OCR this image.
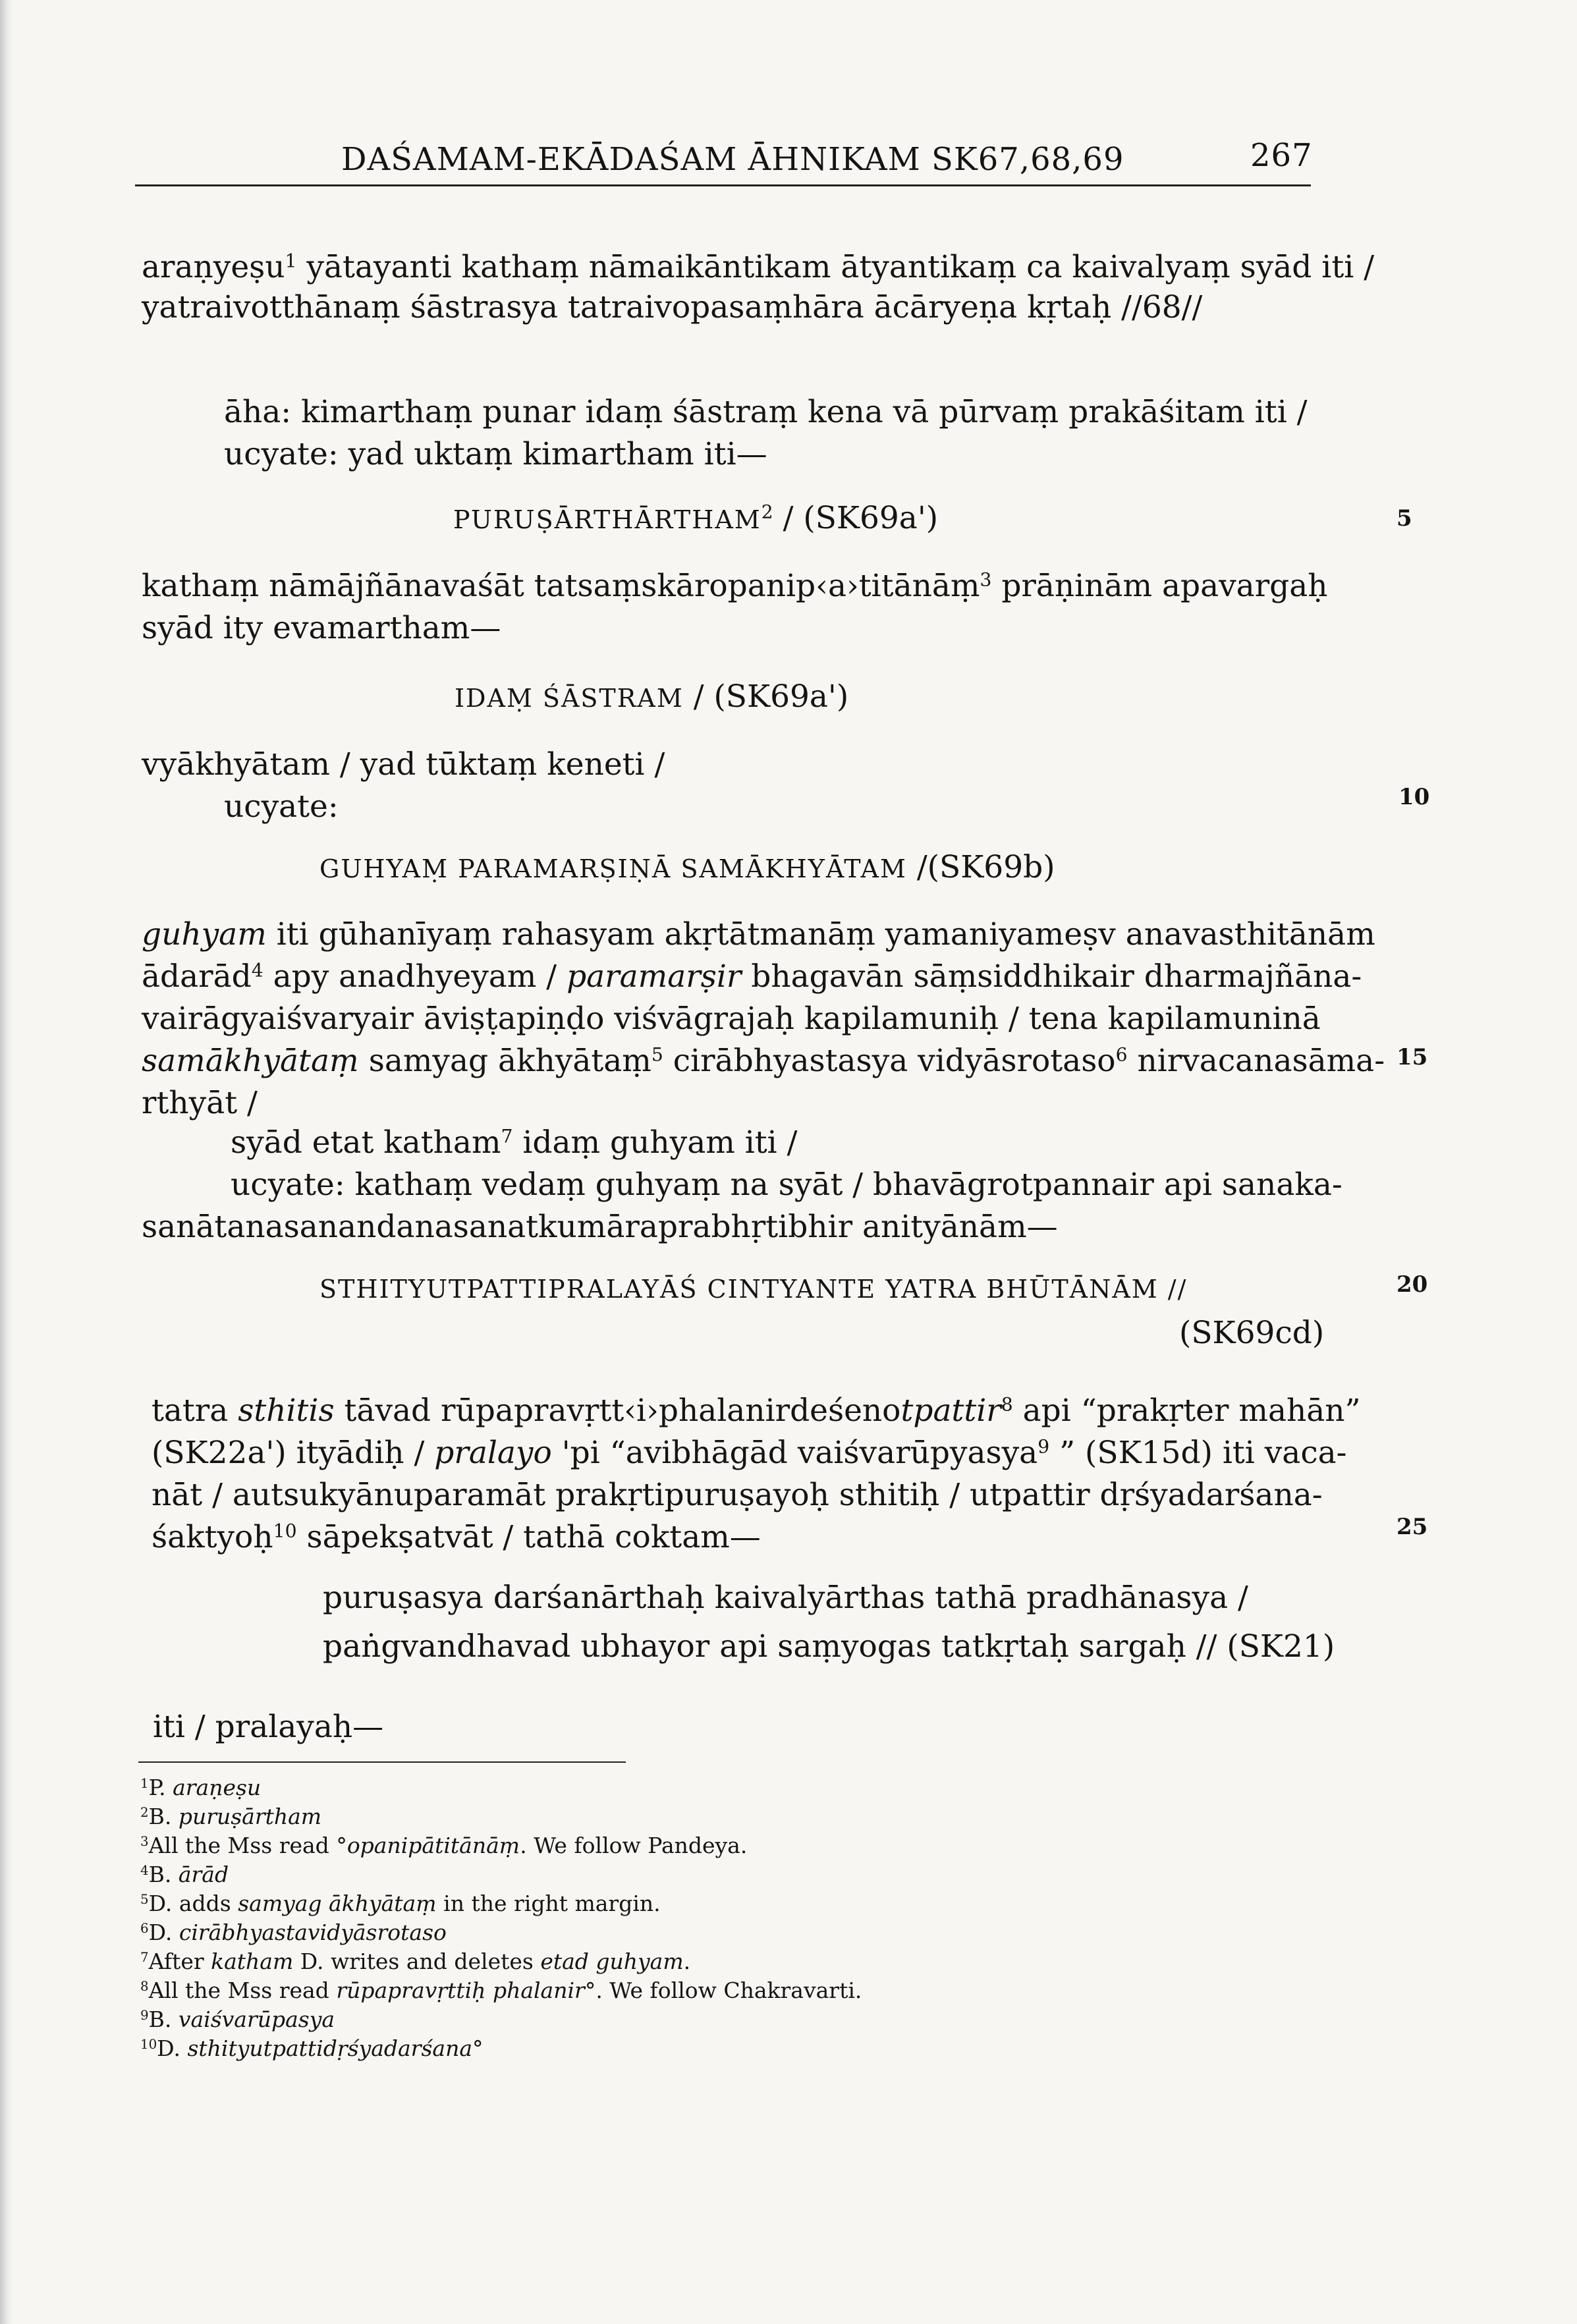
DAŚAMAM-EKĀDAŚAM ĀHNIKAM SK67,68,69	267
araṇyeṣu$^1$ yātayanti kathaṃ nāmaikāntikam ātyantikaṃ ca kaivalyaṃ syād iti /
yatraivotthānaṃ śāstrasya tatraivopasaṃhāra ācāryeṇa kṛtaḥ //68//
āha: kimarthaṃ punar idaṃ śāstraṃ kena vā pūrvaṃ prakāśitam iti /
ucyate: yad uktaṃ kimartham iti—
PURUṢĀRTHĀRTHAM$^2$ / (SK69a')	5
kathaṃ nāmājñānavaśāt tatsaṃskāropanip‹a›titānāṃ$^3$ prāṇinām apavargaḥ
syād ity evamartham—
IDAṂ ŚĀSTRAM / (SK69a')
vyākhyātam / yad tūktaṃ keneti /
ucyate:	10
GUHYAṂ PARAMARṢIṆĀ SAMĀKHYĀTAM /(SK69b)
guhyam iti gūhanīyaṃ rahasyam akṛtātmanāṃ yamaniyameṣv anavasthitānām
ādarād$^4$ apy anadhyeyam / paramarṣir bhagavān sāṃsiddhikair dharmajñāna-
vairāgyaiśvaryair āviṣṭapiṇḍo viśvāgrajaḥ kapilamuniḥ / tena kapilamuninā
samākhyātaṃ samyag ākhyātaṃ$^5$ cirābhyastasya vidyāsrotaso$^6$ nirvacanasāma- 15
rthyāt /
syād etat katham$^7$ idaṃ guhyam iti /
ucyate: kathaṃ vedaṃ guhyaṃ na syāt / bhavāgrotpannair api sanaka-
sanātanasanandanasanatkumāraprabhṛtibhir anityānām—
STHITYUTPATTIPRALAYĀŚ CINTYANTE YATRA BHŪTĀNĀM //	20
(SK69cd)
tatra sthitis tāvad rūpapravṛtt‹i›phalanirdeśenotpattir$^8$ api “prakṛter mahān”
(SK22a') ityādiḥ / pralayo 'pi “avibhāgād vaiśvarūpyasya$^9$ ” (SK15d) iti vaca-
nāt / autsukyānuparamāt prakṛtipuruṣayoḥ sthitiḥ / utpattir dṛśyadarśana-
śaktyoḥ$^{10}$ sāpekṣatvāt / tathā coktam—	25
puruṣasya darśanārthaḥ kaivalyārthas tathā pradhānasya /
paṅgvandhavad ubhayor api saṃyogas tatkṛtaḥ sargaḥ // (SK21)
iti / pralayaḥ—
$^1$P. araṇeṣu
$^2$B. puruṣārtham
$^3$All the Mss read °opanipātitānāṃ. We follow Pandeya.
$^4$B. ārād
$^5$D. adds samyag ākhyātaṃ in the right margin.
$^6$D. cirābhyastavidyāsrotaso
$^7$After katham D. writes and deletes etad guhyam.
$^8$All the Mss read rūpapravṛttiḥ phalanir°. We follow Chakravarti.
$^9$B. vaiśvarūpasya
$^{10}$D. sthityutpattidṛśyadarśana°
